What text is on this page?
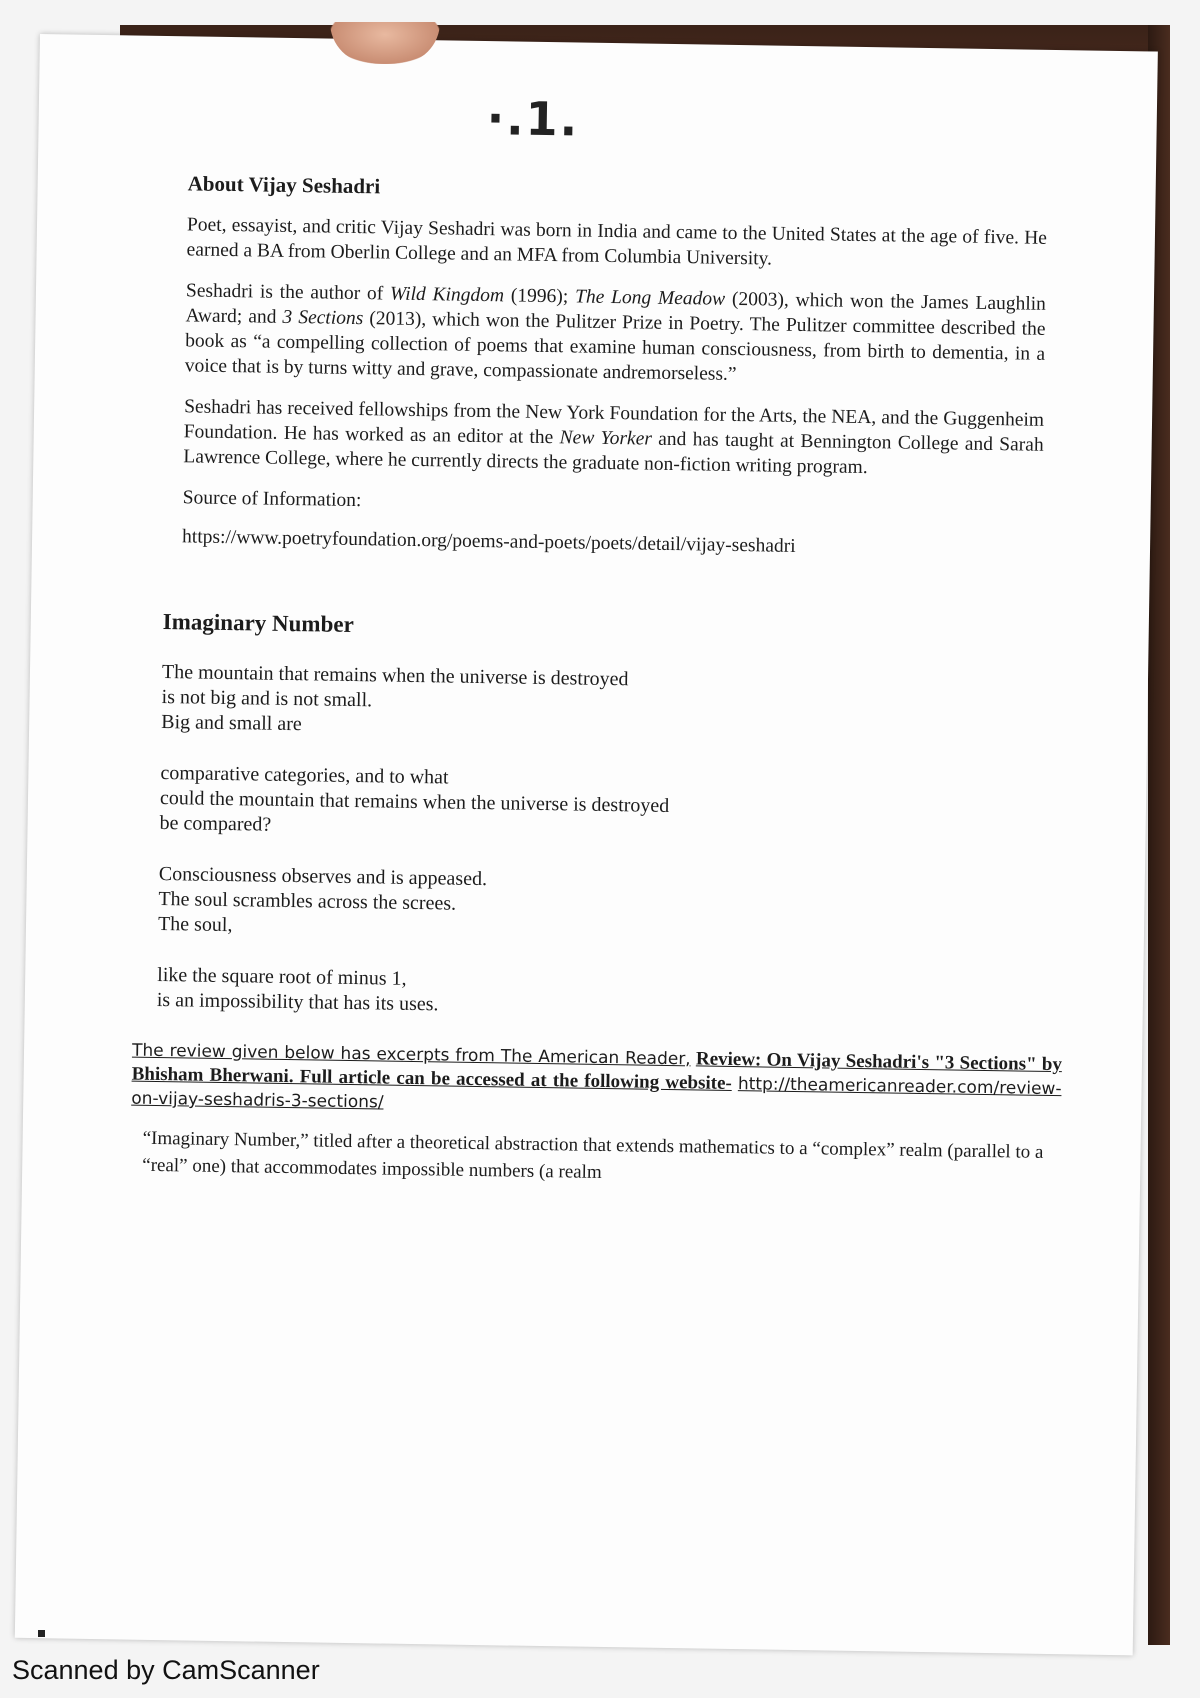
·.1.
About Vijay Seshadri

Poet, essayist, and critic Vijay Seshadri was born in India and came to the United States at the age of five. He earned a BA from Oberlin College and an MFA from Columbia University.

Seshadri is the author of Wild Kingdom (1996); The Long Meadow (2003), which won the James Laughlin Award; and 3 Sections (2013), which won the Pulitzer Prize in Poetry. The Pulitzer committee described the book as “a compelling collection of poems that examine human consciousness, from birth to dementia, in a voice that is by turns witty and grave, compassionate andremorseless.”

Seshadri has received fellowships from the New York Foundation for the Arts, the NEA, and the Guggenheim Foundation. He has worked as an editor at the New Yorker and has taught at Bennington College and Sarah Lawrence College, where he currently directs the graduate non-fiction writing program.

Source of Information:
https://www.poetryfoundation.org/poems-and-poets/poets/detail/vijay-seshadri
Imaginary Number
The mountain that remains when the universe is destroyed
is not big and is not small.
Big and small are
comparative categories, and to what
could the mountain that remains when the universe is destroyed
be compared?
Consciousness observes and is appeased.
The soul scrambles across the screes.
The soul,
like the square root of minus 1,
is an impossibility that has its uses.
The review given below has excerpts from The American Reader, Review: On Vijay Seshadri's "3 Sections" by Bhisham Bherwani. Full article can be accessed at the following website- http://theamericanreader.com/review-on-vijay-seshadris-3-sections/

“Imaginary Number,” titled after a theoretical abstraction that extends mathematics to a “complex” realm (parallel to a “real” one) that accommodates impossible numbers (a realm

Scanned by CamScanner
